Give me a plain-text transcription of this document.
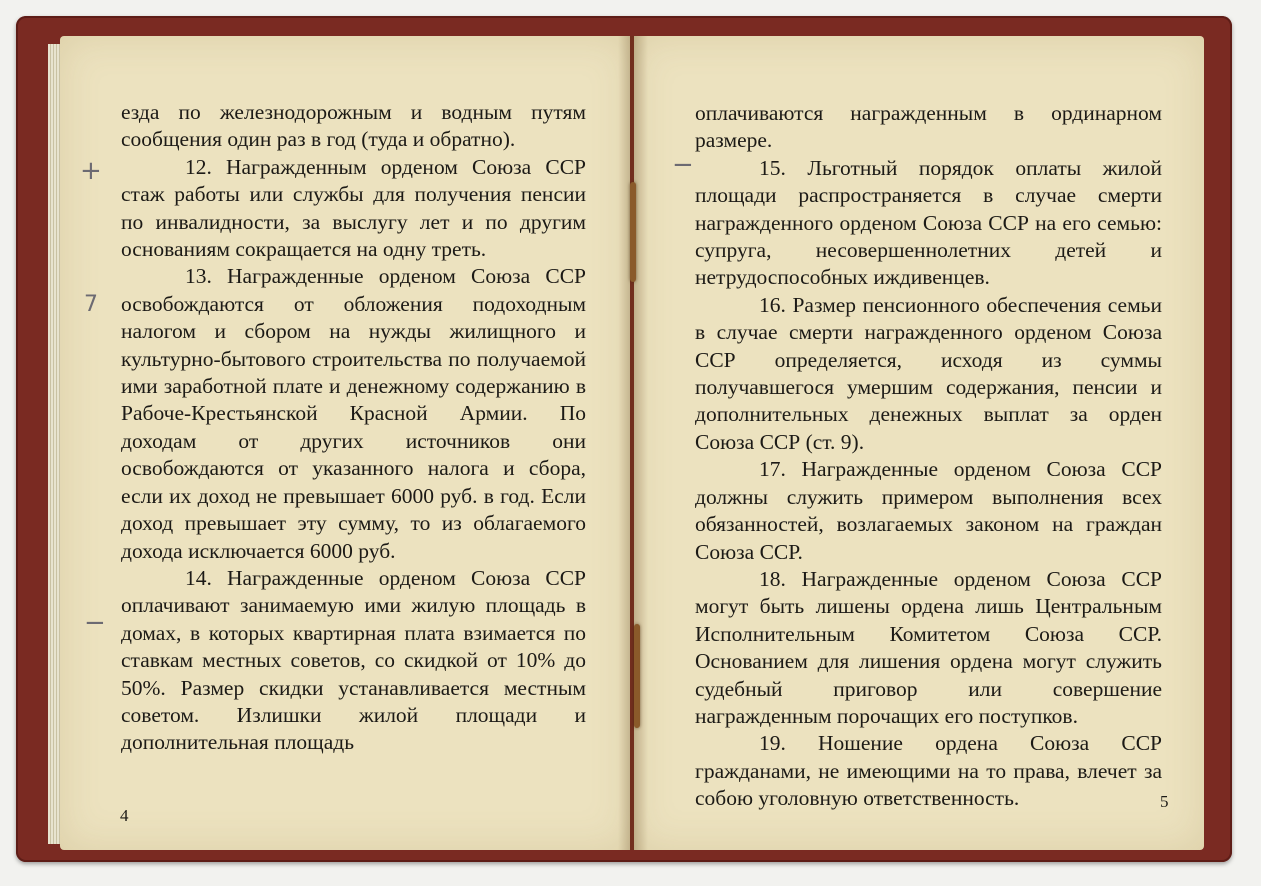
езда по железнодорожным и водным путям сообщения один раз в год (туда и обратно).

12. Награжденным орденом Союза ССР стаж работы или службы для получения пенсии по инвалидности, за выслугу лет и по другим основаниям сокращается на одну треть.

13. Награжденные орденом Союза ССР освобождаются от обложения подоходным налогом и сбором на нужды жилищного и культурно-бытового строительства по получаемой ими заработной плате и денежному содержанию в Рабоче-Крестьянской Красной Армии. По доходам от других источников они освобождаются от указанного налога и сбора, если их доход не превышает 6000 руб. в год. Если доход превышает эту сумму, то из облагаемого дохода исключается 6000 руб.

14. Награжденные орденом Союза ССР оплачивают занимаемую ими жилую площадь в домах, в которых квартирная плата взимается по ставкам местных советов, со скидкой от 10% до 50%. Размер скидки устанавливается местным советом. Излишки жилой площади и дополнительная площадь

оплачиваются награжденным в ординарном размере.

15. Льготный порядок оплаты жилой площади распространяется в случае смерти награжденного орденом Союза ССР на его семью: супруга, несовершеннолетних детей и нетрудоспособных иждивенцев.

16. Размер пенсионного обеспечения семьи в случае смерти награжденного орденом Союза ССР определяется, исходя из суммы получавшегося умершим содержания, пенсии и дополнительных денежных выплат за орден Союза ССР (ст. 9).

17. Награжденные орденом Союза ССР должны служить примером выполнения всех обязанностей, возлагаемых законом на граждан Союза ССР.

18. Награжденные орденом Союза ССР могут быть лишены ордена лишь Центральным Исполнительным Комитетом Союза ССР. Основанием для лишения ордена могут служить судебный приговор или совершение награжденным порочащих его поступков.

19. Ношение ордена Союза ССР гражданами, не имеющими на то права, влечет за собою уголовную ответственность.

4
5
+
7
−
−
